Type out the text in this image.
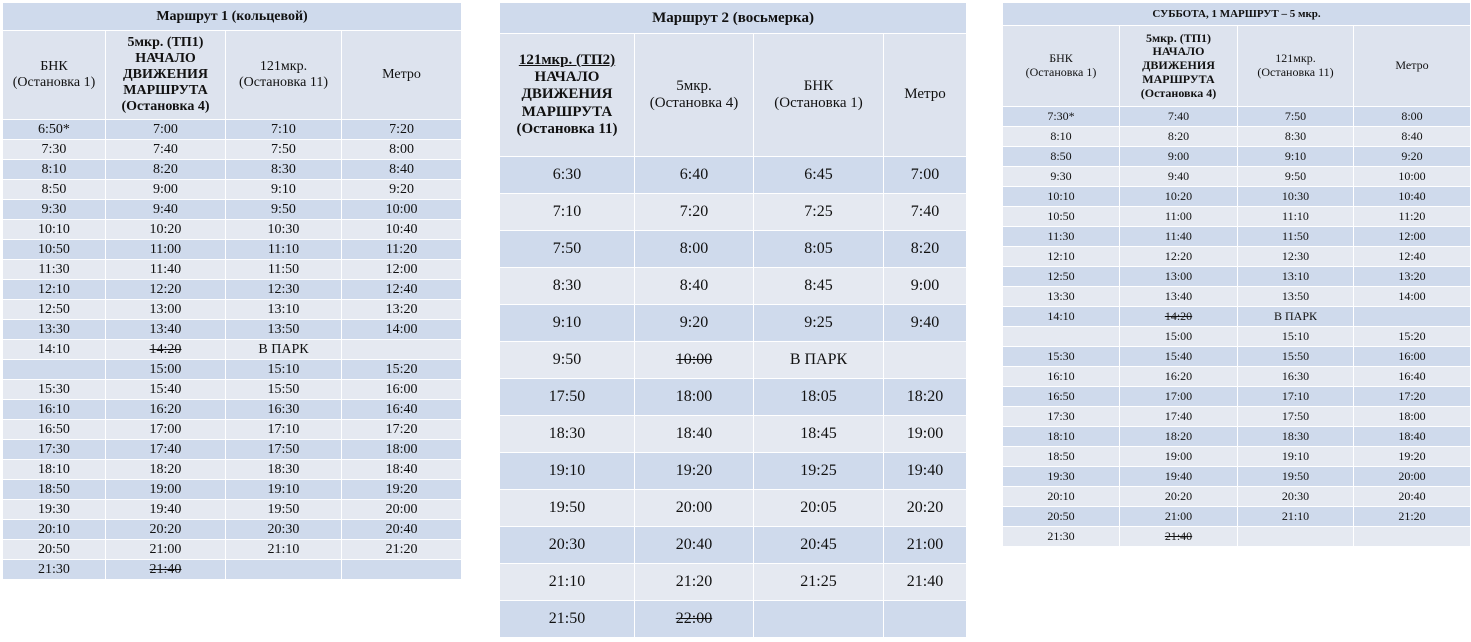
Маршрут 1 (кольцевой)			
БНК
(Остановка 1)	5мкр. (ТП1)
НАЧАЛО
ДВИЖЕНИЯ
МАРШРУТА
(Остановка 4)	121мкр.
(Остановка 11)	Метро
6:50*	7:00	7:10	7:20
7:30	7:40	7:50	8:00
8:10	8:20	8:30	8:40
8:50	9:00	9:10	9:20
9:30	9:40	9:50	10:00
10:10	10:20	10:30	10:40
10:50	11:00	11:10	11:20
11:30	11:40	11:50	12:00
12:10	12:20	12:30	12:40
12:50	13:00	13:10	13:20
13:30	13:40	13:50	14:00
14:10	14:20	В ПАРК	
	15:00	15:10	15:20
15:30	15:40	15:50	16:00
16:10	16:20	16:30	16:40
16:50	17:00	17:10	17:20
17:30	17:40	17:50	18:00
18:10	18:20	18:30	18:40
18:50	19:00	19:10	19:20
19:30	19:40	19:50	20:00
20:10	20:20	20:30	20:40
20:50	21:00	21:10	21:20
21:30	21:40		
Маршрут 2 (восьмерка)			
121мкр. (ТП2)
НАЧАЛО
ДВИЖЕНИЯ
МАРШРУТА
(Остановка 11)	5мкр.
(Остановка 4)	БНК
(Остановка 1)	Метро
6:30	6:40	6:45	7:00
7:10	7:20	7:25	7:40
7:50	8:00	8:05	8:20
8:30	8:40	8:45	9:00
9:10	9:20	9:25	9:40
9:50	10:00	В ПАРК	
17:50	18:00	18:05	18:20
18:30	18:40	18:45	19:00
19:10	19:20	19:25	19:40
19:50	20:00	20:05	20:20
20:30	20:40	20:45	21:00
21:10	21:20	21:25	21:40
21:50	22:00		
СУББОТА, 1 МАРШРУТ – 5 мкр.			
БНК
(Остановка 1)	5мкр. (ТП1)
НАЧАЛО
ДВИЖЕНИЯ
МАРШРУТА
(Остановка 4)	121мкр.
(Остановка 11)	Метро
7:30*	7:40	7:50	8:00
8:10	8:20	8:30	8:40
8:50	9:00	9:10	9:20
9:30	9:40	9:50	10:00
10:10	10:20	10:30	10:40
10:50	11:00	11:10	11:20
11:30	11:40	11:50	12:00
12:10	12:20	12:30	12:40
12:50	13:00	13:10	13:20
13:30	13:40	13:50	14:00
14:10	14:20	В ПАРК	
	15:00	15:10	15:20
15:30	15:40	15:50	16:00
16:10	16:20	16:30	16:40
16:50	17:00	17:10	17:20
17:30	17:40	17:50	18:00
18:10	18:20	18:30	18:40
18:50	19:00	19:10	19:20
19:30	19:40	19:50	20:00
20:10	20:20	20:30	20:40
20:50	21:00	21:10	21:20
21:30	21:40		
